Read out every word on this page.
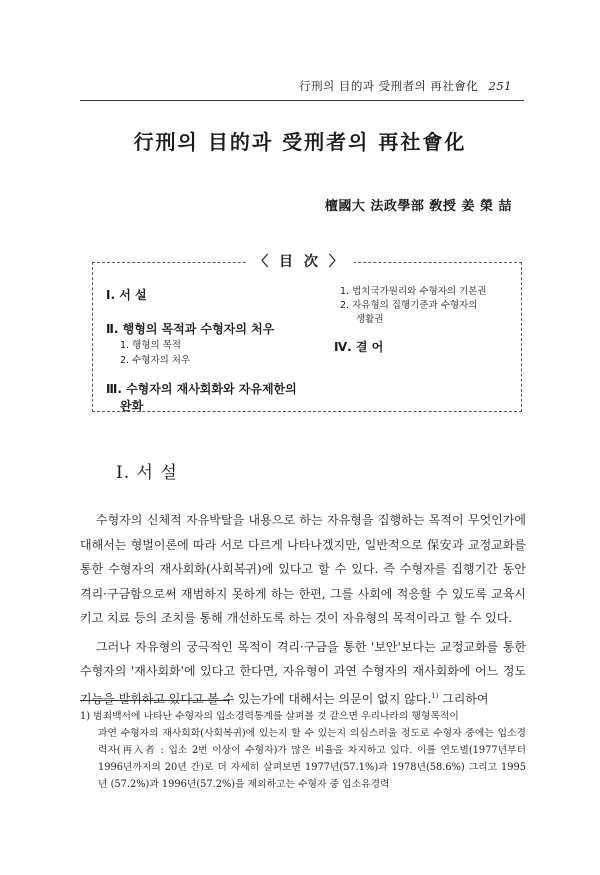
行刑의 目的과 受刑者의 再社會化 251
行刑의 目的과 受刑者의 再社會化
檀國大 法政學部 敎授 姜 榮 喆
〈 目 次 〉
Ⅰ. 서 설
Ⅱ. 행형의 목적과 수형자의 처우
1. 행형의 목적
2. 수형자의 처우
Ⅲ. 수형자의 재사회화와 자유제한의
완화
1. 법치국가원리와 수형자의 기본권
2. 자유형의 집행기준과 수형자의
생활권
Ⅳ. 결 어
Ⅰ. 서 설

수형자의 신체적 자유박탈을 내용으로 하는 자유형을 집행하는 목적이 무엇인가에 대해서는 형벌이론에 따라 서로 다르게 나타나겠지만, 일반적으로 保安과 교정교화를 통한 수형자의 재사회화(사회복귀)에 있다고 할 수 있다. 즉 수형자를 집행기간 동안 격리·구금함으로써 재범하지 못하게 하는 한편, 그를 사회에 적응할 수 있도록 교육시키고 치료 등의 조치를 통해 개선하도록 하는 것이 자유형의 목적이라고 할 수 있다.

그러나 자유형의 궁극적인 목적이 격리·구금을 통한 '보안'보다는 교정교화를 통한 수형자의 '재사회화'에 있다고 한다면, 자유형이 과연 수형자의 재사회화에 어느 정도 기능을 발휘하고 있다고 볼 수 있는가에 대해서는 의문이 없지 않다.$^{1)}$ 그리하여

1) 범죄백서에 나타난 수형자의 입소경력통계를 살펴볼 것 같으면 우리나라의 행형목적이
과연 수형자의 재사회화(사회복귀)에 있는지 할 수 있는지 의심스러울 정도로 수형자 중에는 입소경력자(再入者 : 입소 2번 이상이 수형자)가 많은 비율을 차지하고 있다. 이를 연도별(1977년부터 1996년까지의 20년 간)로 더 자세히 살펴보면 1977년(57.1%)과 1978년(58.6%) 그리고 1995년 (57.2%)과 1996년(57.2%)을 제외하고는 수형자 중 입소유경력
